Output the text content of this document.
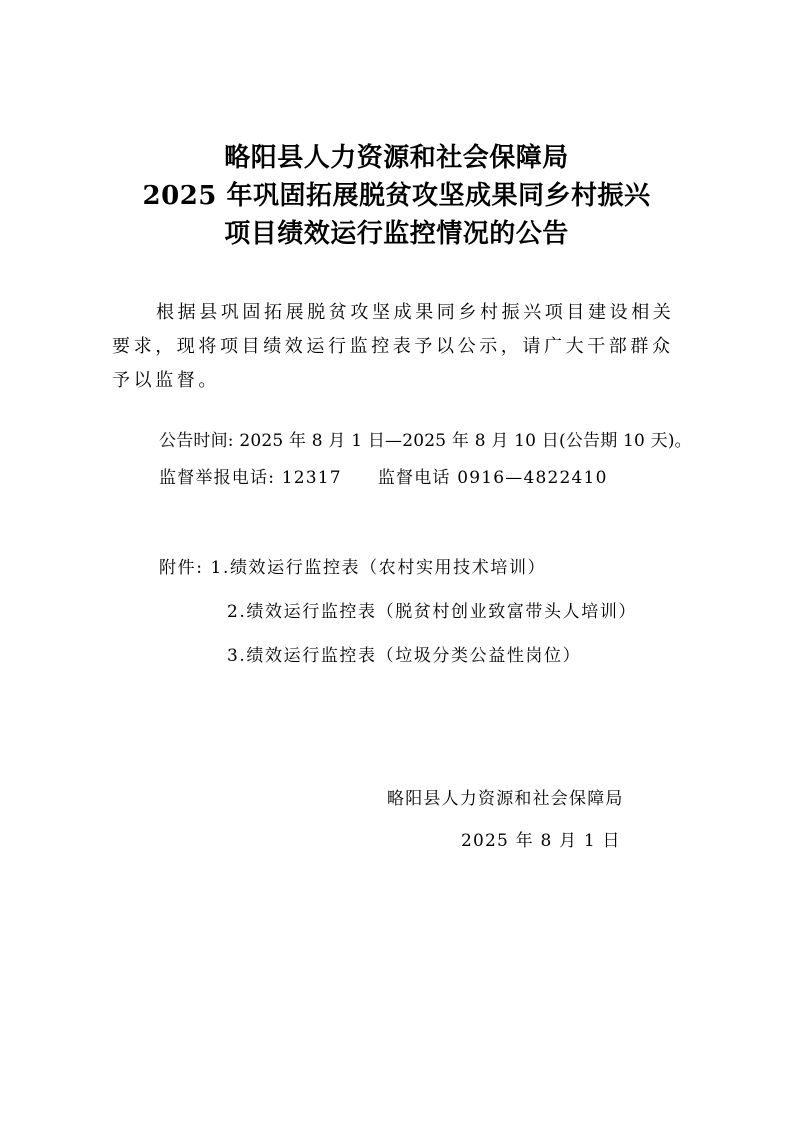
略阳县人力资源和社会保障局
2025 年巩固拓展脱贫攻坚成果同乡村振兴
项目绩效运行监控情况的公告
根据县巩固拓展脱贫攻坚成果同乡村振兴项目建设相关要求，现将项目绩效运行监控表予以公示，请广大干部群众予以监督。
公告时间: 2025 年 8 月 1 日—2025 年 8 月 10 日(公告期 10 天)。
监督举报电话: 12317 监督电话 0916—4822410
附件: 1.绩效运行监控表（农村实用技术培训）
2.绩效运行监控表（脱贫村创业致富带头人培训）
3.绩效运行监控表（垃圾分类公益性岗位）
略阳县人力资源和社会保障局
2025 年 8 月 1 日
